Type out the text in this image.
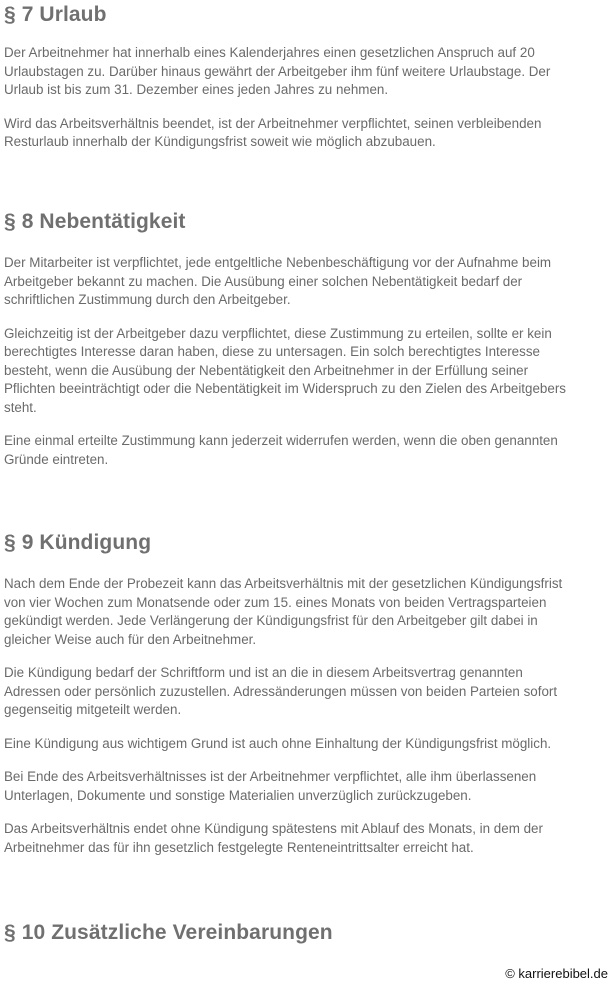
§ 7 Urlaub

Der Arbeitnehmer hat innerhalb eines Kalenderjahres einen gesetzlichen Anspruch auf 20
Urlaubstagen zu. Darüber hinaus gewährt der Arbeitgeber ihm fünf weitere Urlaubstage. Der
Urlaub ist bis zum 31. Dezember eines jeden Jahres zu nehmen.

Wird das Arbeitsverhältnis beendet, ist der Arbeitnehmer verpflichtet, seinen verbleibenden
Resturlaub innerhalb der Kündigungsfrist soweit wie möglich abzubauen.

§ 8 Nebentätigkeit

Der Mitarbeiter ist verpflichtet, jede entgeltliche Nebenbeschäftigung vor der Aufnahme beim
Arbeitgeber bekannt zu machen. Die Ausübung einer solchen Nebentätigkeit bedarf der
schriftlichen Zustimmung durch den Arbeitgeber.

Gleichzeitig ist der Arbeitgeber dazu verpflichtet, diese Zustimmung zu erteilen, sollte er kein
berechtigtes Interesse daran haben, diese zu untersagen. Ein solch berechtigtes Interesse
besteht, wenn die Ausübung der Nebentätigkeit den Arbeitnehmer in der Erfüllung seiner
Pflichten beeinträchtigt oder die Nebentätigkeit im Widerspruch zu den Zielen des Arbeitgebers
steht.

Eine einmal erteilte Zustimmung kann jederzeit widerrufen werden, wenn die oben genannten
Gründe eintreten.

§ 9 Kündigung

Nach dem Ende der Probezeit kann das Arbeitsverhältnis mit der gesetzlichen Kündigungsfrist
von vier Wochen zum Monatsende oder zum 15. eines Monats von beiden Vertragsparteien
gekündigt werden. Jede Verlängerung der Kündigungsfrist für den Arbeitgeber gilt dabei in
gleicher Weise auch für den Arbeitnehmer.

Die Kündigung bedarf der Schriftform und ist an die in diesem Arbeitsvertrag genannten
Adressen oder persönlich zuzustellen. Adressänderungen müssen von beiden Parteien sofort
gegenseitig mitgeteilt werden.

Eine Kündigung aus wichtigem Grund ist auch ohne Einhaltung der Kündigungsfrist möglich.

Bei Ende des Arbeitsverhältnisses ist der Arbeitnehmer verpflichtet, alle ihm überlassenen
Unterlagen, Dokumente und sonstige Materialien unverzüglich zurückzugeben.

Das Arbeitsverhältnis endet ohne Kündigung spätestens mit Ablauf des Monats, in dem der
Arbeitnehmer das für ihn gesetzlich festgelegte Renteneintrittsalter erreicht hat.

§ 10 Zusätzliche Vereinbarungen
© karrierebibel.de
